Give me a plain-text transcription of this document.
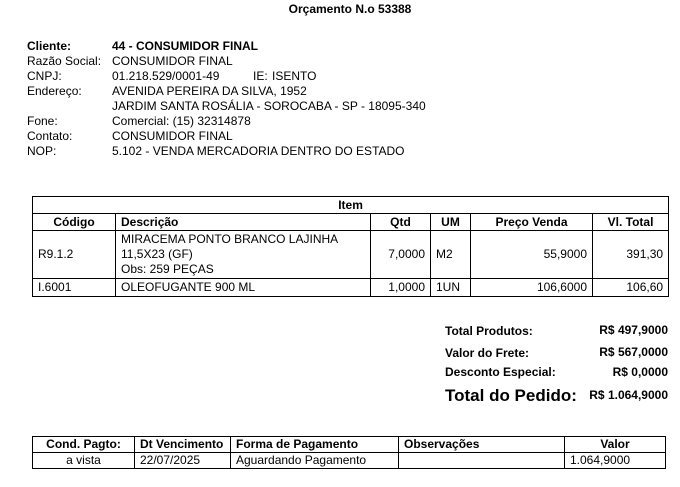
Orçamento N.o 53388
Cliente:	44 - CONSUMIDOR FINAL
Razão Social: CONSUMIDOR FINAL
CNPJ:	01.218.529/0001-49	IE: ISENTO
Endereço:	AVENIDA PEREIRA DA SILVA, 1952
JARDIM SANTA ROSÁLIA - SOROCABA - SP - 18095-340
Fone:	Comercial: (15) 32314878
Contato:	CONSUMIDOR FINAL
NOP:	5.102 - VENDA MERCADORIA DENTRO DO ESTADO
Item					
Código	Descrição	Qtd	UM	Preço Venda	Vl. Total
R9.1.2	MIRACEMA PONTO BRANCO LAJINHA
11,5X23 (GF)
Obs: 259 PEÇAS	7,0000	M2	55,9000	391,30
I.6001	OLEOFUGANTE 900 ML	1,0000	1UN	106,6000	106,60
Total Produtos:	R$ 497,9000
Valor do Frete:	R$ 567,0000
Desconto Especial:	R$ 0,0000
Total do Pedido: R$ 1.064,9000
Cond. Pagto:	Dt Vencimento	Forma de Pagamento	Observações	Valor
a vista	22/07/2025	Aguardando Pagamento		1.064,9000
